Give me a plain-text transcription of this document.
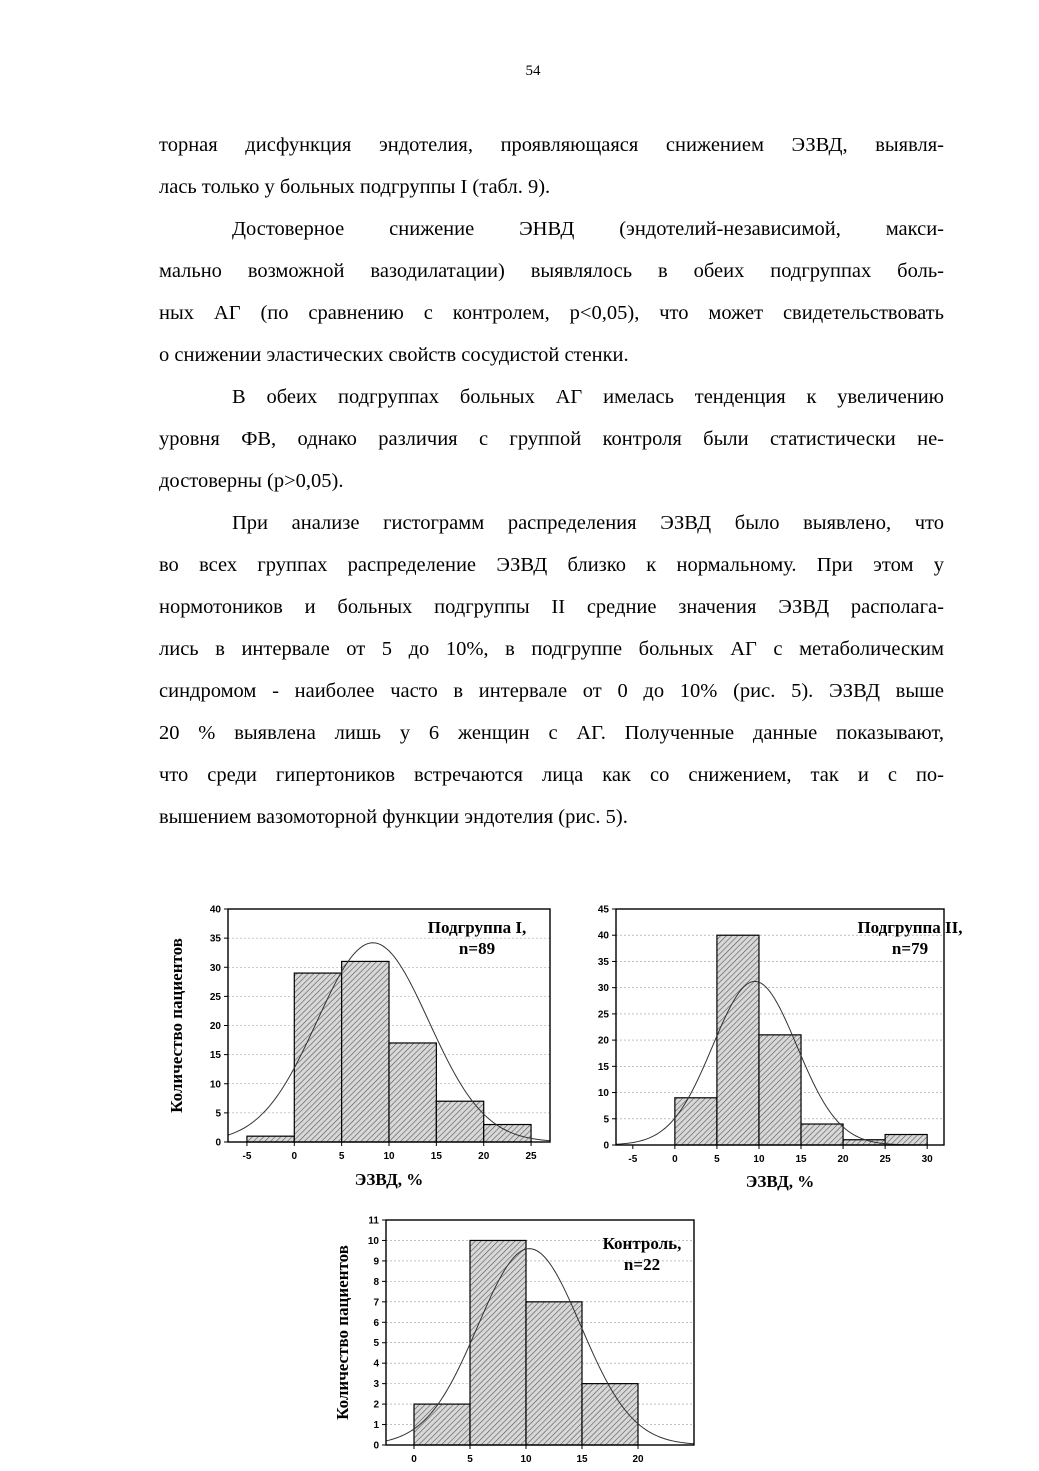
54
торная дисфункция эндотелия, проявляющаяся снижением ЭЗВД, выявля-
лась только у больных подгруппы I (табл. 9).
Достоверное снижение ЭНВД (эндотелий-независимой, макси-
мально возможной вазодилатации) выявлялось в обеих подгруппах боль-
ных АГ (по сравнению с контролем, р<0,05), что может свидетельствовать
о снижении эластических свойств сосудистой стенки.
В обеих подгруппах больных АГ имелась тенденция к увеличению
уровня ФВ, однако различия с группой контроля были статистически не-
достоверны (р>0,05).
При анализе гистограмм распределения ЭЗВД было выявлено, что
во всех группах распределение ЭЗВД близко к нормальному. При этом у
нормотоников и больных подгруппы II средние значения ЭЗВД располага-
лись в интервале от 5 до 10%, в подгруппе больных АГ с метаболическим
синдромом - наиболее часто в интервале от 0 до 10% (рис. 5). ЭЗВД выше
20 % выявлена лишь у 6 женщин с АГ. Полученные данные показывают,
что среди гипертоников встречаются лица как со снижением, так и с по-
вышением вазомоторной функции эндотелия (рис. 5).
0
5
10
15
20
25
30
35
40
-5	0	5	10	15	20	25
Подгруппа I,
n=89
Количество пациентов
ЭЗВД, %
0
5
10
15
20
25
30
35
40
45
-5	0	5	10	15	20	25	30
Подгруппа II,
n=79
ЭЗВД, %
0
1
2
3
4
5
6
7
8
9
10
11
0	5	10	15	20
Контроль,
n=22
Количество пациентов
